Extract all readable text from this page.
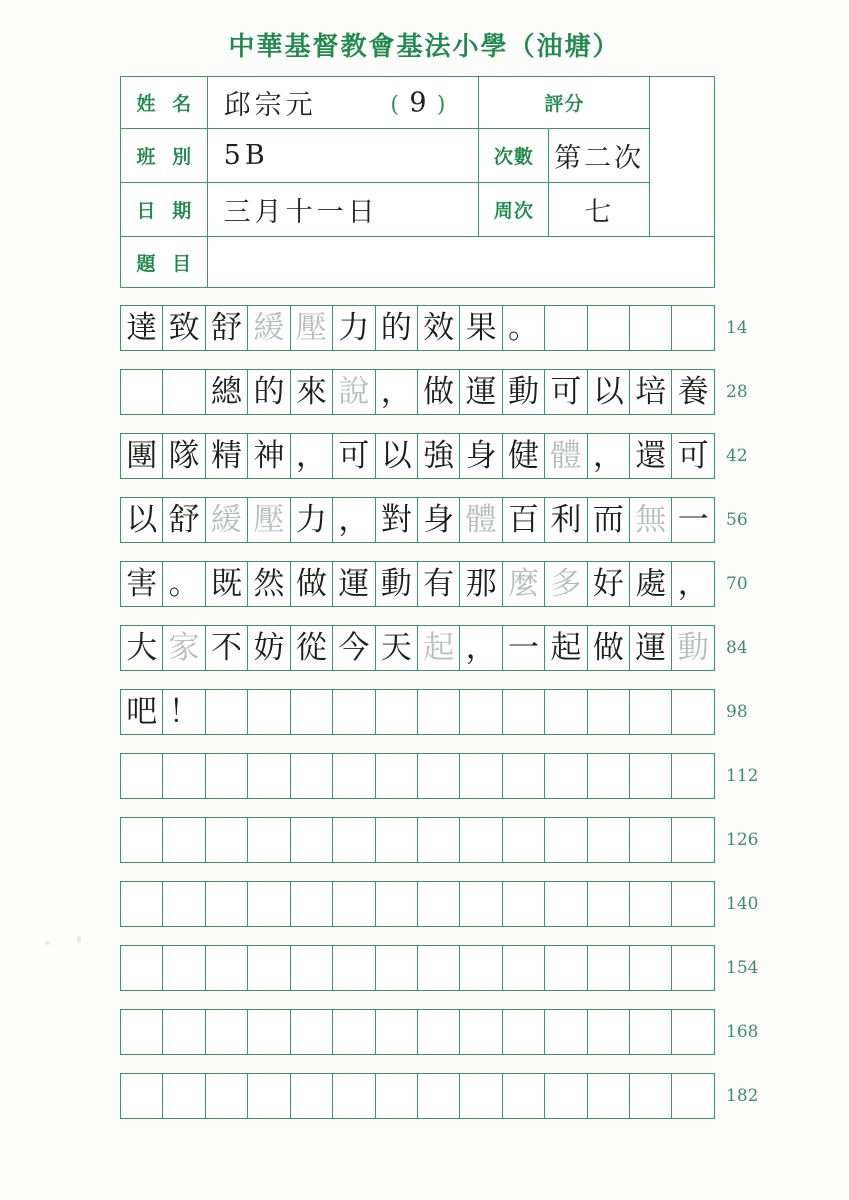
中華基督教會基法小學（油塘）
姓 名	邱宗元 ( 9 )	評分		
班 別	5B	次數	第二次	
日 期	三月十一日	周次	七	
題 目				
達 致 舒 緩 壓 力 的 效 果 。	14
總 的 來 說 ， 做 運 動 可 以 培 養	28
團 隊 精 神 ， 可 以 強 身 健 體 ， 還 可	42
以 舒 緩 壓 力 ， 對 身 體 百 利 而 無 一	56
害 。 既 然 做 運 動 有 那 麼 多 好 處 ，	70
大 家 不 妨 從 今 天 起 ， 一 起 做 運 動	84
吧 ！	98
112
126
140
154
168
182
